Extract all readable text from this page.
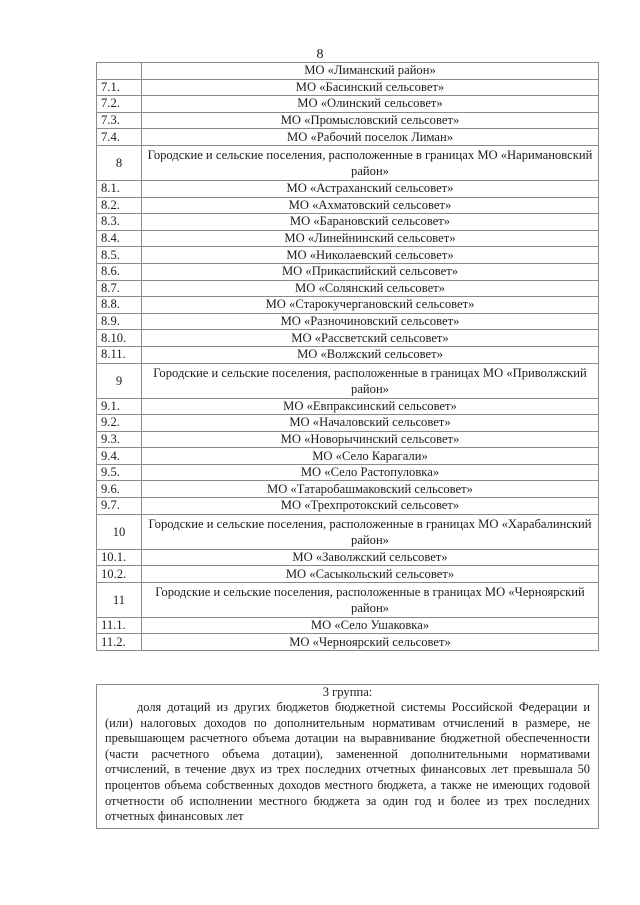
8
	МО «Лиманский район»
7.1.	МО «Басинский сельсовет»
7.2.	МО «Олинский сельсовет»
7.3.	МО «Промысловский сельсовет»
7.4.	МО «Рабочий поселок Лиман»
8	Городские и сельские поселения, расположенные в границах МО «Наримановский район»
8.1.	МО «Астраханский сельсовет»
8.2.	МО «Ахматовский сельсовет»
8.3.	МО «Барановский сельсовет»
8.4.	МО «Линейнинский сельсовет»
8.5.	МО «Николаевский сельсовет»
8.6.	МО «Прикаспийский сельсовет»
8.7.	МО «Солянский сельсовет»
8.8.	МО «Старокучергановский сельсовет»
8.9.	МО «Разночиновский сельсовет»
8.10.	МО «Рассветский сельсовет»
8.11.	МО «Волжский сельсовет»
9	Городские и сельские поселения, расположенные в границах МО «Приволжский район»
9.1.	МО «Евпраксинский сельсовет»
9.2.	МО «Началовский сельсовет»
9.3.	МО «Новорычинский сельсовет»
9.4.	МО «Село Карагали»
9.5.	МО «Село Растопуловка»
9.6.	МО «Татаробашмаковский сельсовет»
9.7.	МО «Трехпротокский сельсовет»
10	Городские и сельские поселения, расположенные в границах МО «Харабалинский район»
10.1.	МО «Заволжский сельсовет»
10.2.	МО «Сасыкольский сельсовет»
11	Городские и сельские поселения, расположенные в границах МО «Черноярский район»
11.1.	МО «Село Ушаковка»
11.2.	МО «Черноярский сельсовет»
3 группа:

доля дотаций из других бюджетов бюджетной системы Российской Федерации и (или) налоговых доходов по дополнительным нормативам отчислений в размере, не превышающем расчетного объема дотации на выравнивание бюджетной обеспеченности (части расчетного объема дотации), замененной дополнительными нормативами отчислений, в течение двух из трех последних отчетных финансовых лет превышала 50 процентов объема собственных доходов местного бюджета, а также не имеющих годовой отчетности об исполнении местного бюджета за один год и более из трех последних отчетных финансовых лет
